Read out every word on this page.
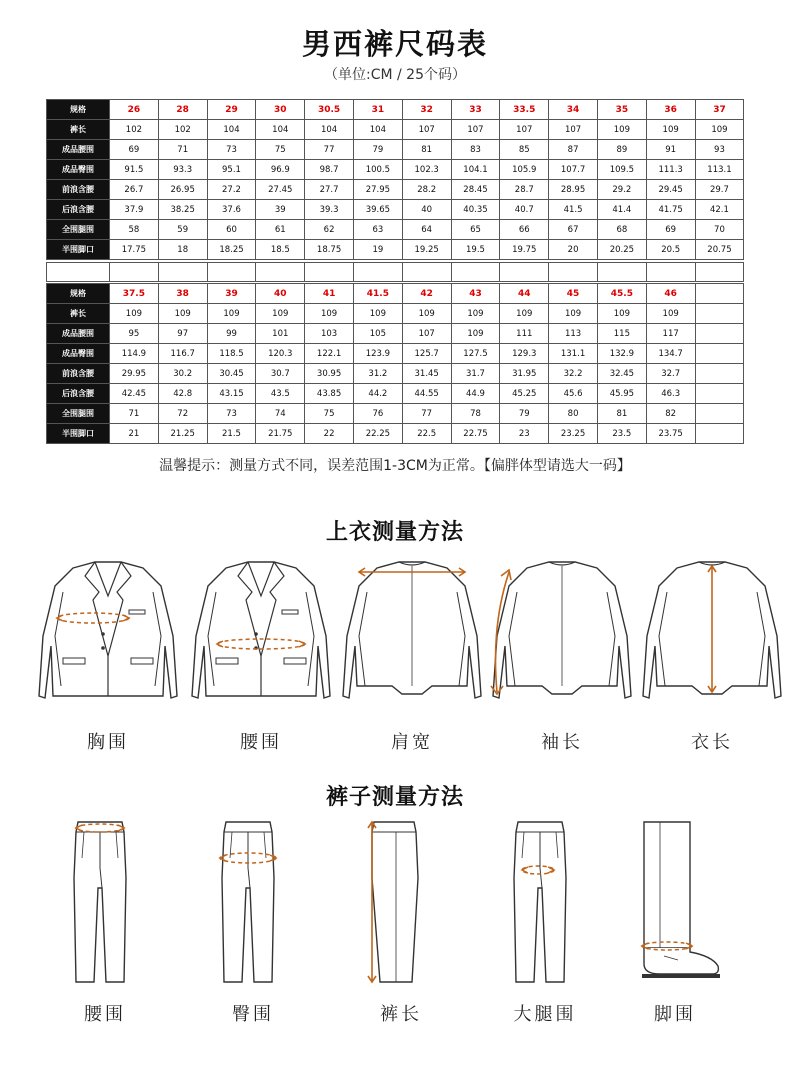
男西裤尺码表
（单位:CM / 25个码）
规格	26	28	29	30	30.5	31	32	33	33.5	34	35	36	37
裤长	102	102	104	104	104	104	107	107	107	107	109	109	109
成品腰围	69	71	73	75	77	79	81	83	85	87	89	91	93
成品臀围	91.5	93.3	95.1	96.9	98.7	100.5	102.3	104.1	105.9	107.7	109.5	111.3	113.1
前浪含腰	26.7	26.95	27.2	27.45	27.7	27.95	28.2	28.45	28.7	28.95	29.2	29.45	29.7
后浪含腰	37.9	38.25	37.6	39	39.3	39.65	40	40.35	40.7	41.5	41.4	41.75	42.1
全围腿围	58	59	60	61	62	63	64	65	66	67	68	69	70
半围脚口	17.75	18	18.25	18.5	18.75	19	19.25	19.5	19.75	20	20.25	20.5	20.75
规格	37.5	38	39	40	41	41.5	42	43	44	45	45.5	46	
裤长	109	109	109	109	109	109	109	109	109	109	109	109	
成品腰围	95	97	99	101	103	105	107	109	111	113	115	117	
成品臀围	114.9	116.7	118.5	120.3	122.1	123.9	125.7	127.5	129.3	131.1	132.9	134.7	
前浪含腰	29.95	30.2	30.45	30.7	30.95	31.2	31.45	31.7	31.95	32.2	32.45	32.7	
后浪含腰	42.45	42.8	43.15	43.5	43.85	44.2	44.55	44.9	45.25	45.6	45.95	46.3	
全围腿围	71	72	73	74	75	76	77	78	79	80	81	82	
半围脚口	21	21.25	21.5	21.75	22	22.25	22.5	22.75	23	23.25	23.5	23.75	
温馨提示：测量方式不同，误差范围1-3CM为正常。【偏胖体型请选大一码】
上衣测量方法
胸围	腰围	肩宽	袖长	衣长
裤子测量方法
腰围	臀围	裤长	大腿围	脚围
